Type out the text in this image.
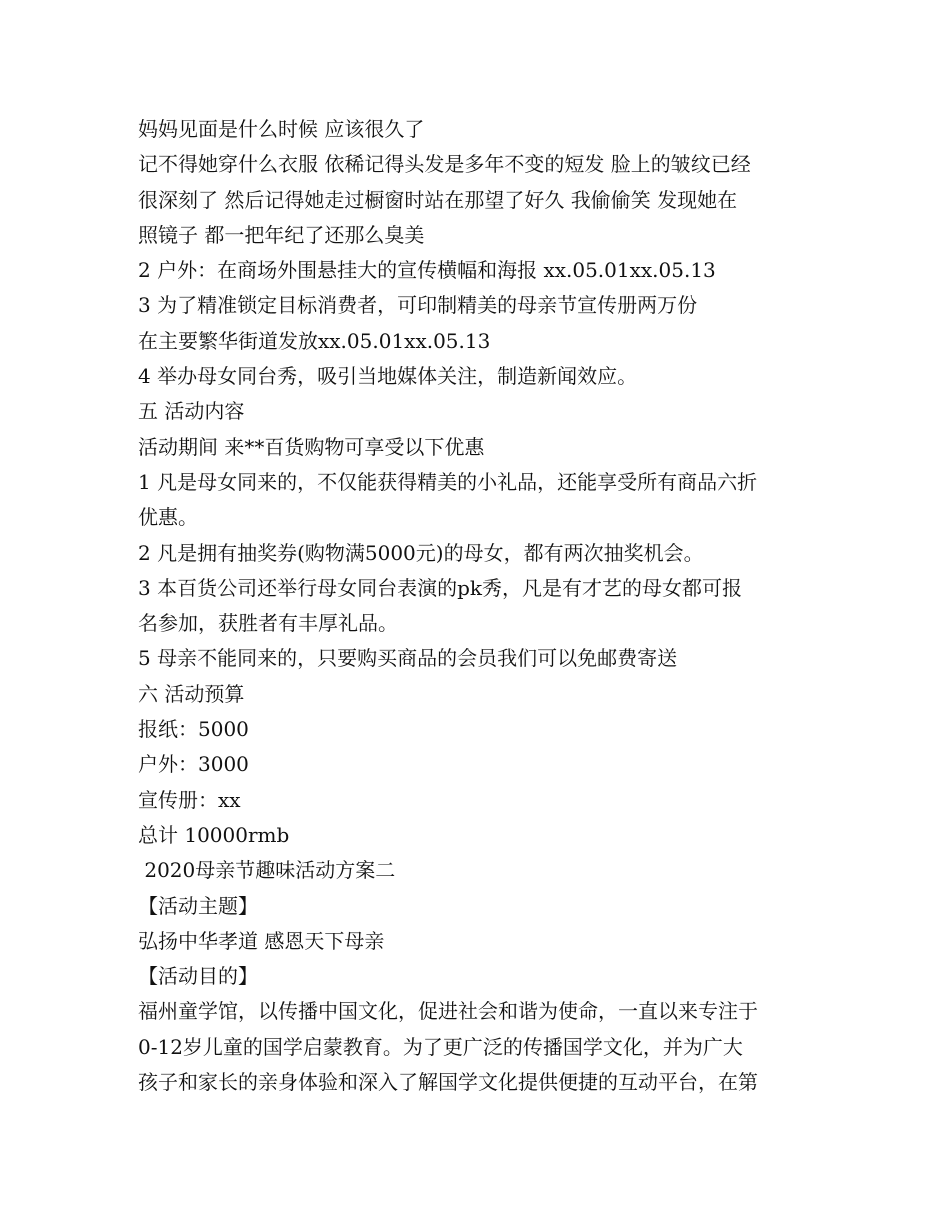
妈妈见面是什么时候 应该很久了
记不得她穿什么衣服 依稀记得头发是多年不变的短发 脸上的皱纹已经
很深刻了 然后记得她走过橱窗时站在那望了好久 我偷偷笑 发现她在
照镜子 都一把年纪了还那么臭美
2 户外：在商场外围悬挂大的宣传横幅和海报 xx.05.01xx.05.13
3 为了精准锁定目标消费者，可印制精美的母亲节宣传册两万份
在主要繁华街道发放xx.05.01xx.05.13
4 举办母女同台秀，吸引当地媒体关注，制造新闻效应。
五 活动内容
活动期间 来**百货购物可享受以下优惠
1 凡是母女同来的，不仅能获得精美的小礼品，还能享受所有商品六折
优惠。
2 凡是拥有抽奖券(购物满5000元)的母女，都有两次抽奖机会。
3 本百货公司还举行母女同台表演的pk秀，凡是有才艺的母女都可报
名参加，获胜者有丰厚礼品。
5 母亲不能同来的，只要购买商品的会员我们可以免邮费寄送
六 活动预算
报纸：5000
户外：3000
宣传册：xx
总计 10000rmb
2020母亲节趣味活动方案二
【活动主题】
弘扬中华孝道 感恩天下母亲
【活动目的】
福州童学馆，以传播中国文化，促进社会和谐为使命，一直以来专注于
0-12岁儿童的国学启蒙教育。为了更广泛的传播国学文化，并为广大
孩子和家长的亲身体验和深入了解国学文化提供便捷的互动平台，在第
